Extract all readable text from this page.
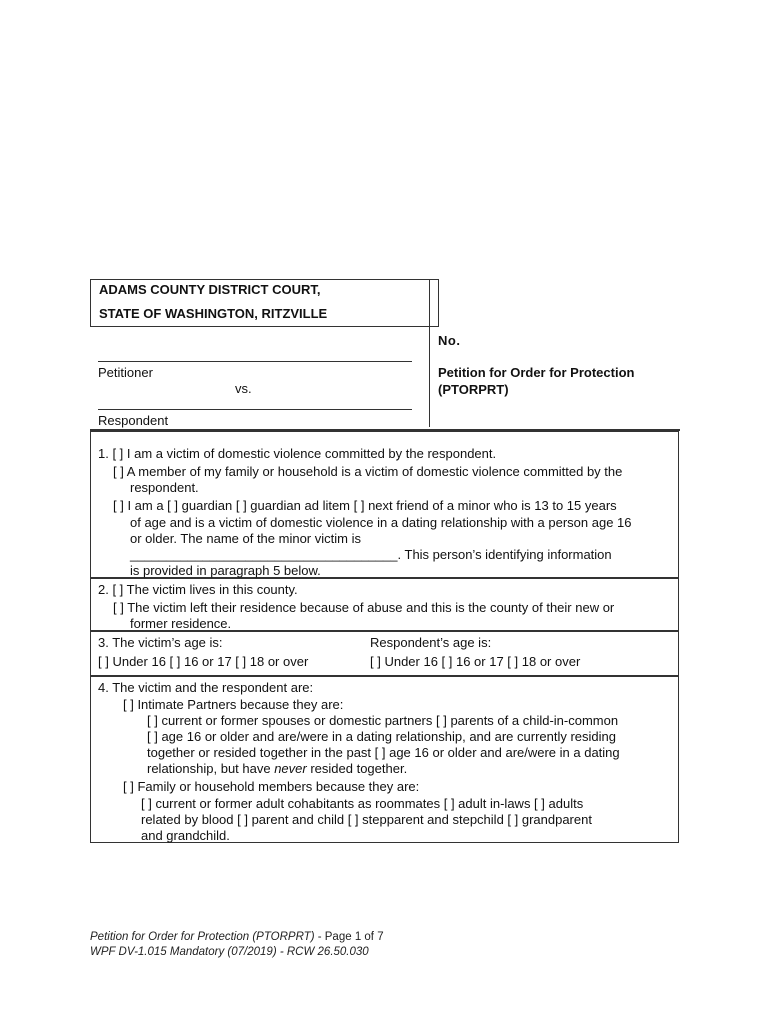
ADAMS COUNTY DISTRICT COURT,
STATE OF WASHINGTON, RITZVILLE
Petitioner
vs.
Respondent
No.
Petition for Order for Protection
(PTORPRT)
1. [ ] I am a victim of domestic violence committed by the respondent.
[ ] A member of my family or household is a victim of domestic violence committed by the
respondent.
[ ] I am a [ ] guardian [ ] guardian ad litem [ ] next friend of a minor who is 13 to 15 years
of age and is a victim of domestic violence in a dating relationship with a person age 16
or older. The name of the minor victim is
_____________________________________. This person’s identifying information
is provided in paragraph 5 below.
2. [ ] The victim lives in this county.
[ ] The victim left their residence because of abuse and this is the county of their new or
former residence.
3. The victim’s age is:
[ ] Under 16 [ ] 16 or 17 [ ] 18 or over
Respondent’s age is:
[ ] Under 16 [ ] 16 or 17 [ ] 18 or over
4. The victim and the respondent are:
[ ] Intimate Partners because they are:
[ ] current or former spouses or domestic partners [ ] parents of a child-in-common
[ ] age 16 or older and are/were in a dating relationship, and are currently residing
together or resided together in the past [ ] age 16 or older and are/were in a dating
relationship, but have never resided together.
[ ] Family or household members because they are:
[ ] current or former adult cohabitants as roommates [ ] adult in-laws [ ] adults
related by blood [ ] parent and child [ ] stepparent and stepchild [ ] grandparent
and grandchild.
Petition for Order for Protection (PTORPRT) - Page 1 of 7
WPF DV-1.015 Mandatory (07/2019) - RCW 26.50.030
